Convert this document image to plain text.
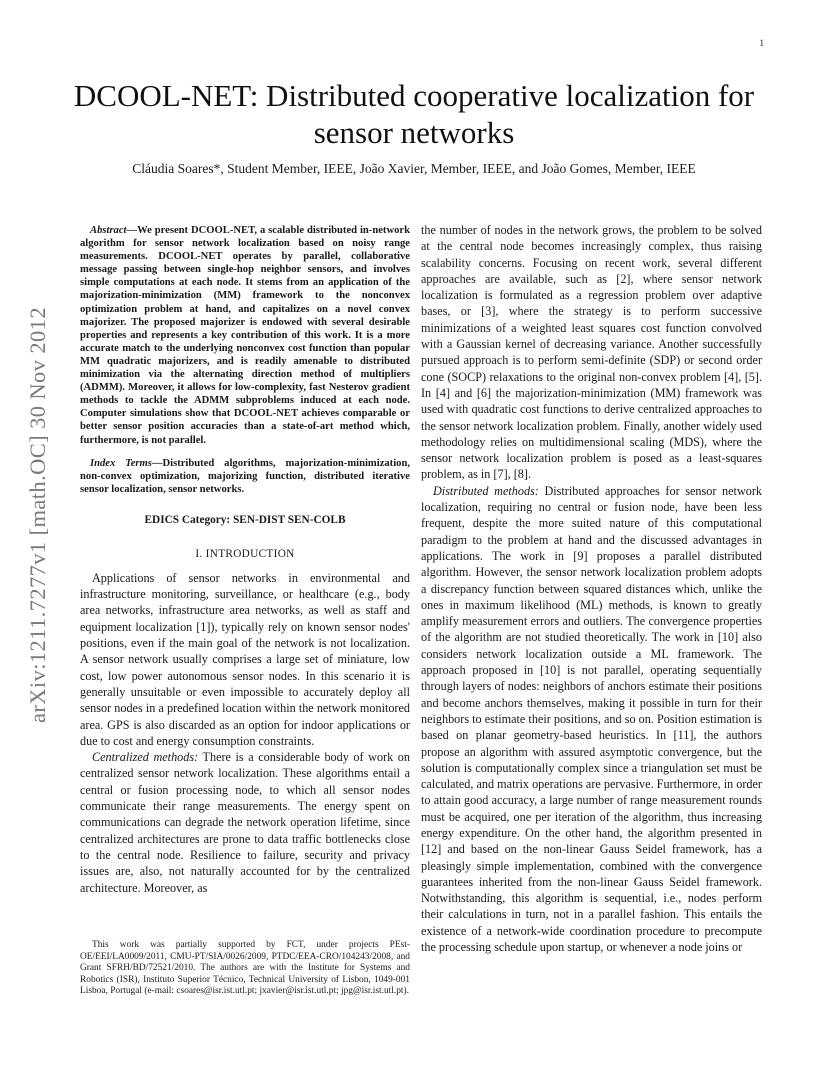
1
arXiv:1211.7277v1 [math.OC] 30 Nov 2012
DCOOL-NET: Distributed cooperative localization for sensor networks
Cláudia Soares*, Student Member, IEEE, João Xavier, Member, IEEE, and João Gomes, Member, IEEE

Abstract—We present DCOOL-NET, a scalable distributed in-network algorithm for sensor network localization based on noisy range measurements. DCOOL-NET operates by parallel, collaborative message passing between single-hop neighbor sensors, and involves simple computations at each node. It stems from an application of the majorization-minimization (MM) framework to the nonconvex optimization problem at hand, and capitalizes on a novel convex majorizer. The proposed majorizer is endowed with several desirable properties and represents a key contribution of this work. It is a more accurate match to the underlying nonconvex cost function than popular MM quadratic majorizers, and is readily amenable to distributed minimization via the alternating direction method of multipliers (ADMM). Moreover, it allows for low-complexity, fast Nesterov gradient methods to tackle the ADMM subproblems induced at each node. Computer simulations show that DCOOL-NET achieves comparable or better sensor position accuracies than a state-of-art method which, furthermore, is not parallel.

Index Terms—Distributed algorithms, majorization-minimization, non-convex optimization, majorizing function, distributed iterative sensor localization, sensor networks.

EDICS Category: SEN-DIST SEN-COLB

I. INTRODUCTION

Applications of sensor networks in environmental and infrastructure monitoring, surveillance, or healthcare (e.g., body area networks, infrastructure area networks, as well as staff and equipment localization [1]), typically rely on known sensor nodes' positions, even if the main goal of the network is not localization. A sensor network usually comprises a large set of miniature, low cost, low power autonomous sensor nodes. In this scenario it is generally unsuitable or even impossible to accurately deploy all sensor nodes in a predefined location within the network monitored area. GPS is also discarded as an option for indoor applications or due to cost and energy consumption constraints.

Centralized methods: There is a considerable body of work on centralized sensor network localization. These algorithms entail a central or fusion processing node, to which all sensor nodes communicate their range measurements. The energy spent on communications can degrade the network operation lifetime, since centralized architectures are prone to data traffic bottlenecks close to the central node. Resilience to failure, security and privacy issues are, also, not naturally accounted for by the centralized architecture. Moreover, as

This work was partially supported by FCT, under projects PEst-OE/EEI/LA0009/2011, CMU-PT/SIA/0026/2009, PTDC/EEA-CRO/104243/2008, and Grant SFRH/BD/72521/2010. The authors are with the Institute for Systems and Robotics (ISR), Instituto Superior Técnico, Technical University of Lisbon, 1049-001 Lisboa, Portugal (e-mail: csoares@isr.ist.utl.pt; jxavier@isr.ist.utl.pt; jpg@isr.ist.utl.pt).

the number of nodes in the network grows, the problem to be solved at the central node becomes increasingly complex, thus raising scalability concerns. Focusing on recent work, several different approaches are available, such as [2], where sensor network localization is formulated as a regression problem over adaptive bases, or [3], where the strategy is to perform successive minimizations of a weighted least squares cost function convolved with a Gaussian kernel of decreasing variance. Another successfully pursued approach is to perform semi-definite (SDP) or second order cone (SOCP) relaxations to the original non-convex problem [4], [5]. In [4] and [6] the majorization-minimization (MM) framework was used with quadratic cost functions to derive centralized approaches to the sensor network localization problem. Finally, another widely used methodology relies on multidimensional scaling (MDS), where the sensor network localization problem is posed as a least-squares problem, as in [7], [8].

Distributed methods: Distributed approaches for sensor network localization, requiring no central or fusion node, have been less frequent, despite the more suited nature of this computational paradigm to the problem at hand and the discussed advantages in applications. The work in [9] proposes a parallel distributed algorithm. However, the sensor network localization problem adopts a discrepancy function between squared distances which, unlike the ones in maximum likelihood (ML) methods, is known to greatly amplify measurement errors and outliers. The convergence properties of the algorithm are not studied theoretically. The work in [10] also considers network localization outside a ML framework. The approach proposed in [10] is not parallel, operating sequentially through layers of nodes: neighbors of anchors estimate their positions and become anchors themselves, making it possible in turn for their neighbors to estimate their positions, and so on. Position estimation is based on planar geometry-based heuristics. In [11], the authors propose an algorithm with assured asymptotic convergence, but the solution is computationally complex since a triangulation set must be calculated, and matrix operations are pervasive. Furthermore, in order to attain good accuracy, a large number of range measurement rounds must be acquired, one per iteration of the algorithm, thus increasing energy expenditure. On the other hand, the algorithm presented in [12] and based on the non-linear Gauss Seidel framework, has a pleasingly simple implementation, combined with the convergence guarantees inherited from the non-linear Gauss Seidel framework. Notwithstanding, this algorithm is sequential, i.e., nodes perform their calculations in turn, not in a parallel fashion. This entails the existence of a network-wide coordination procedure to precompute the processing schedule upon startup, or whenever a node joins or
